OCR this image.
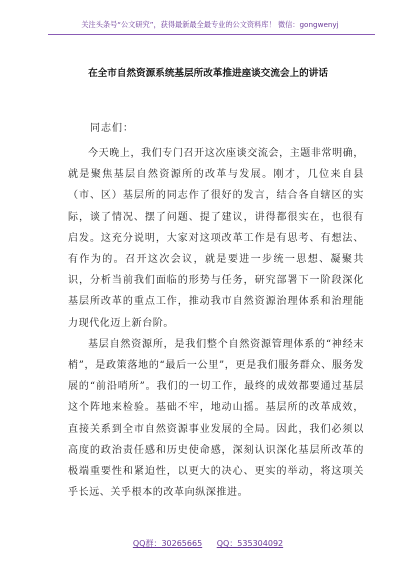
关注头条号“公文研究”，获得最新最全最专业的公文资料库！ 微信：gongwenyj
在全市自然资源系统基层所改革推进座谈交流会上的讲话

同志们：

今天晚上，我们专门召开这次座谈交流会，主题非常明确，就是聚焦基层自然资源所的改革与发展。刚才，几位来自县（市、区）基层所的同志作了很好的发言，结合各自辖区的实际，谈了情况、摆了问题、提了建议，讲得都很实在，也很有启发。这充分说明，大家对这项改革工作是有思考、有想法、有作为的。召开这次会议，就是要进一步统一思想、凝聚共识，分析当前我们面临的形势与任务，研究部署下一阶段深化基层所改革的重点工作，推动我市自然资源治理体系和治理能力现代化迈上新台阶。

基层自然资源所，是我们整个自然资源管理体系的“神经末梢”，是政策落地的“最后一公里”，更是我们服务群众、服务发展的“前沿哨所”。我们的一切工作，最终的成效都要通过基层这个阵地来检验。基础不牢，地动山摇。基层所的改革成效，直接关系到全市自然资源事业发展的全局。因此，我们必须以高度的政治责任感和历史使命感，深刻认识深化基层所改革的极端重要性和紧迫性，以更大的决心、更实的举动，将这项关乎长远、关乎根本的改革向纵深推进。

QQ群：30265665 QQ：535304092
